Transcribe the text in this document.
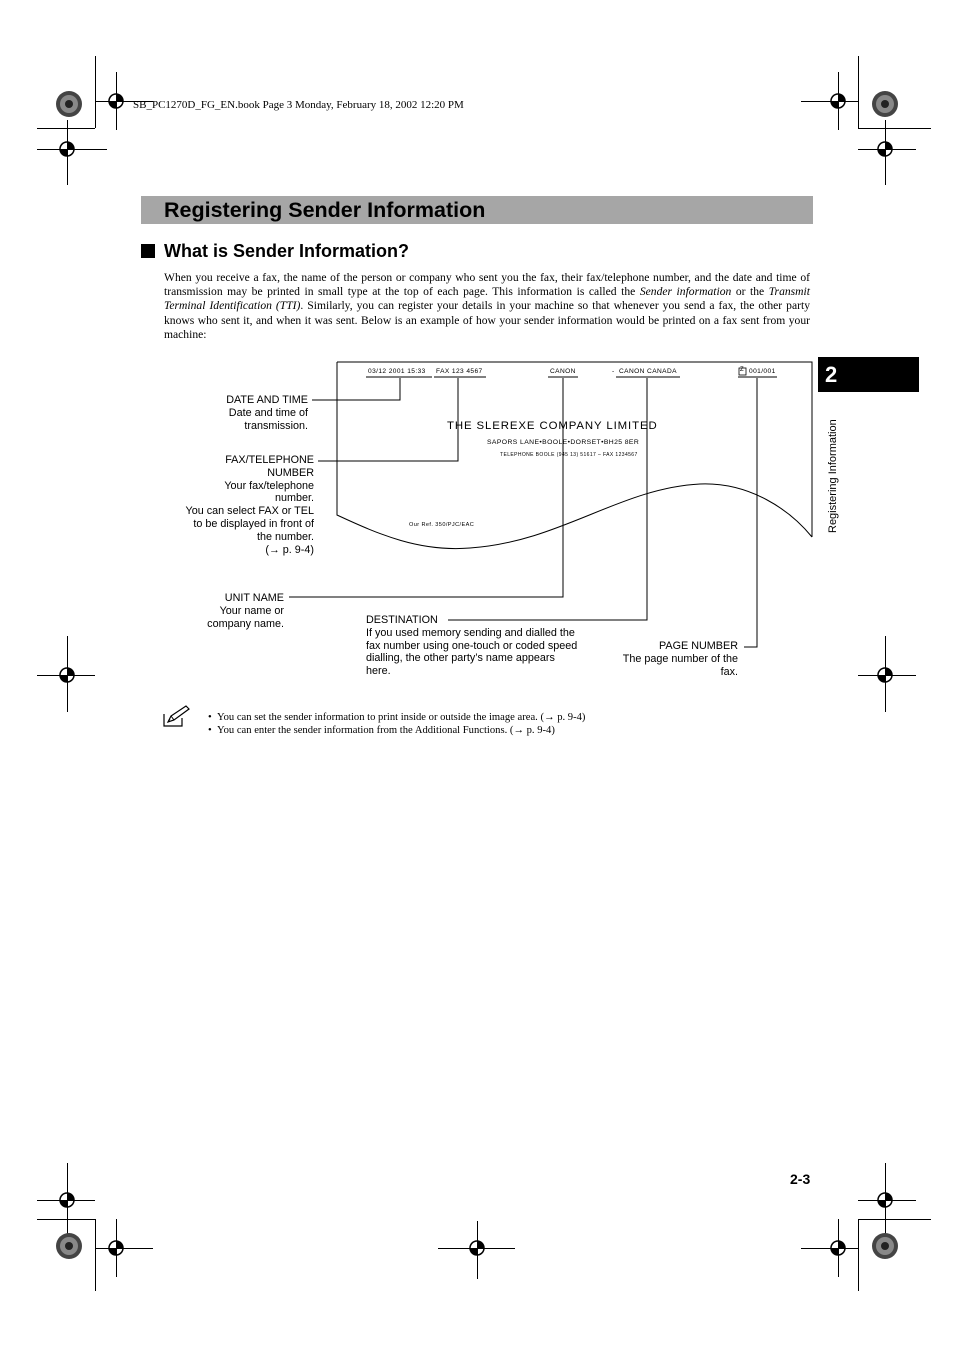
SB_PC1270D_FG_EN.book Page 3 Monday, February 18, 2002 12:20 PM
Registering Sender Information
What is Sender Information?
When you receive a fax, the name of the person or company who sent you the fax, their fax/telephone number, and the date and time of transmission may be printed in small type at the top of each page. This information is called the Sender information or the Transmit Terminal Identification (TTI). Similarly, you can register your details in your machine so that whenever you send a fax, the other party knows who sent it, and when it was sent. Below is an example of how your sender information would be printed on a fax sent from your machine:
2
Registering Information
03/12 2001 15:33 FAX 123 4567	CANON	- CANON CANADA	Z 001/001
THE SLEREXE COMPANY LIMITED
SAPORS LANE•BOOLE•DORSET•BH25 8ER
TELEPHONE BOOLE (945 13) 51617 – FAX 1234567
Our Ref. 350/PJC/EAC
DATE AND TIME
Date and time of
transmission.
FAX/TELEPHONE
NUMBER
Your fax/telephone
number.
You can select FAX or TEL
to be displayed in front of
the number.
(→ p. 9-4)
UNIT NAME
Your name or
company name.	DESTINATION
If you used memory sending and dialled the
fax number using one-touch or coded speed
dialling, the other party’s name appears
here.
PAGE NUMBER
The page number of the
fax.
•  You can set the sender information to print inside or outside the image area. (→ p. 9-4)
•  You can enter the sender information from the Additional Functions. (→ p. 9-4)
2-3
